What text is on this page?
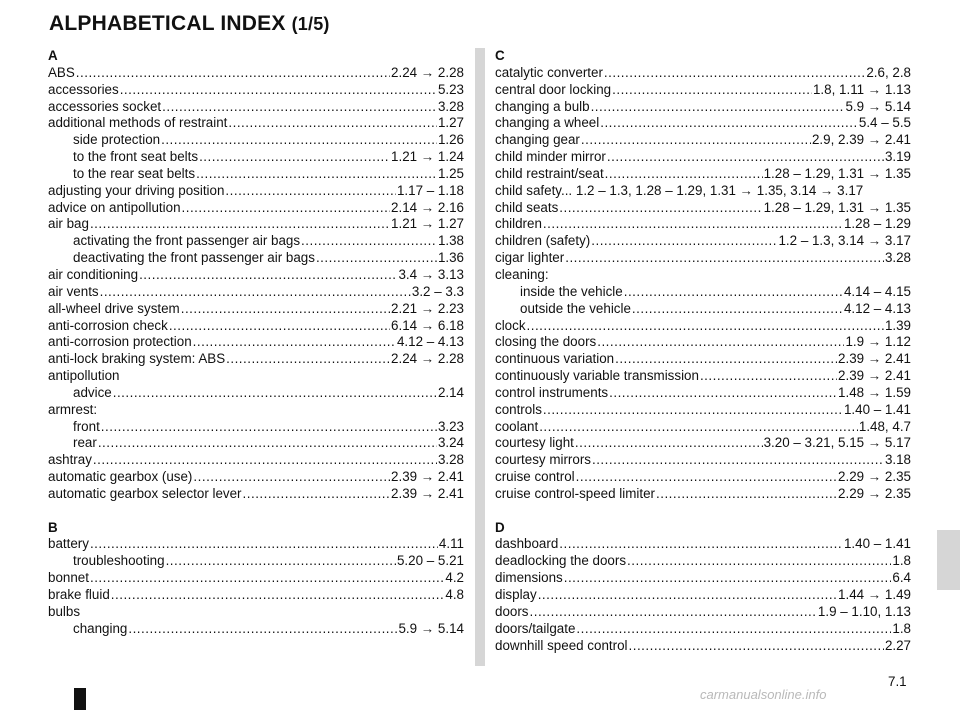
ALPHABETICAL INDEX (1/5)
A
ABS .....	2.24 → 2.28
accessories .....	5.23
accessories socket .....	3.28
additional methods of restraint .....	1.27
side protection .....	1.26
to the front seat belts .....	1.21 → 1.24
to the rear seat belts .....	1.25
adjusting your driving position .....	1.17 – 1.18
advice on antipollution .....	2.14 → 2.16
air bag .....	1.21 → 1.27
activating the front passenger air bags .....	1.38
deactivating the front passenger air bags .....	1.36
air conditioning .....	3.4 → 3.13
air vents .....	3.2 – 3.3
all-wheel drive system .....	2.21 → 2.23
anti-corrosion check .....	6.14 → 6.18
anti-corrosion protection .....	4.12 – 4.13
anti-lock braking system: ABS .....	2.24 → 2.28
antipollution
advice .....	2.14
armrest:
front .....	3.23
rear .....	3.24
ashtray .....	3.28
automatic gearbox (use) .....	2.39 → 2.41
automatic gearbox selector lever .....	2.39 → 2.41
B
battery .....	4.11
troubleshooting .....	5.20 – 5.21
bonnet .....	4.2
brake fluid .....	4.8
bulbs
changing .....	5.9 → 5.14
C
catalytic converter .....	2.6, 2.8
central door locking .....	1.8, 1.11 → 1.13
changing a bulb .....	5.9 → 5.14
changing a wheel .....	5.4 – 5.5
changing gear .....	2.9, 2.39 → 2.41
child minder mirror .....	3.19
child restraint/seat .....	1.28 – 1.29, 1.31 → 1.35
child safety... 1.2 – 1.3, 1.28 – 1.29, 1.31 → 1.35, 3.14 → 3.17
child seats .....	1.28 – 1.29, 1.31 → 1.35
children .....	1.28 – 1.29
children (safety) .....	1.2 – 1.3, 3.14 → 3.17
cigar lighter .....	3.28
cleaning:
inside the vehicle .....	4.14 – 4.15
outside the vehicle .....	4.12 – 4.13
clock .....	1.39
closing the doors .....	1.9 → 1.12
continuous variation .....	2.39 → 2.41
continuously variable transmission .....	2.39 → 2.41
control instruments .....	1.48 → 1.59
controls .....	1.40 – 1.41
coolant .....	1.48, 4.7
courtesy light .....	3.20 – 3.21, 5.15 → 5.17
courtesy mirrors .....	3.18
cruise control .....	2.29 → 2.35
cruise control-speed limiter .....	2.29 → 2.35
D
dashboard .....	1.40 – 1.41
deadlocking the doors .....	1.8
dimensions .....	6.4
display .....	1.44 → 1.49
doors .....	1.9 – 1.10, 1.13
doors/tailgate .....	1.8
downhill speed control .....	2.27
7.1
carmanualsonline.info
